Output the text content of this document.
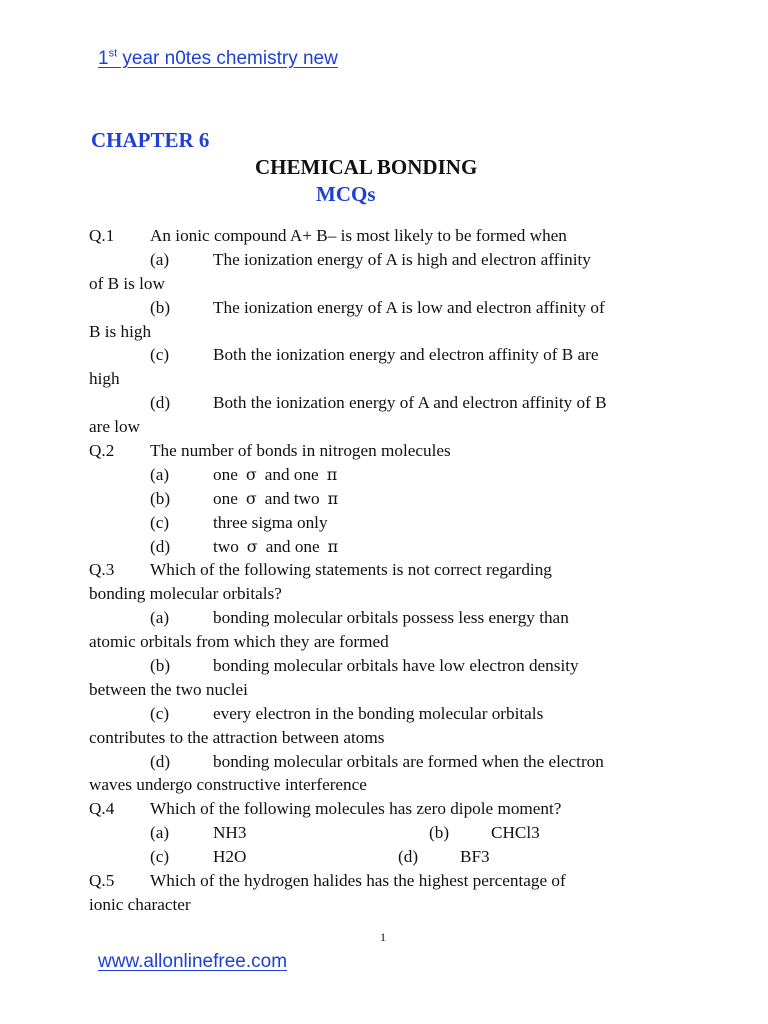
1st year n0tes chemistry new
CHAPTER 6
CHEMICAL BONDING
MCQs
Q.1 An ionic compound A+ B– is most likely to be formed when
(a)	The ionization energy of A is high and electron affinity
of B is low
(b) The ionization energy of A is low and electron affinity of
B is high
(c)	Both the ionization energy and electron affinity of B are
high
(d) Both the ionization energy of A and electron affinity of B
are low
Q.2 The number of bonds in nitrogen molecules
(a)	one σ and one π
(b) one σ and two π
(c)	three sigma only
(d) two σ and one π
Q.3 Which of the following statements is not correct regarding
bonding molecular orbitals?
(a)	bonding molecular orbitals possess less energy than
atomic orbitals from which they are formed
(b) bonding molecular orbitals have low electron density
between the two nuclei
(c)	every electron in the bonding molecular orbitals
contributes to the attraction between atoms
(d) bonding molecular orbitals are formed when the electron
waves undergo constructive interference
Q.4 Which of the following molecules has zero dipole moment?
(a)	NH3	(b) CHCl3
(c)	H2O	(d) BF3
Q.5 Which of the hydrogen halides has the highest percentage of
ionic character
1
www.allonlinefree.com
